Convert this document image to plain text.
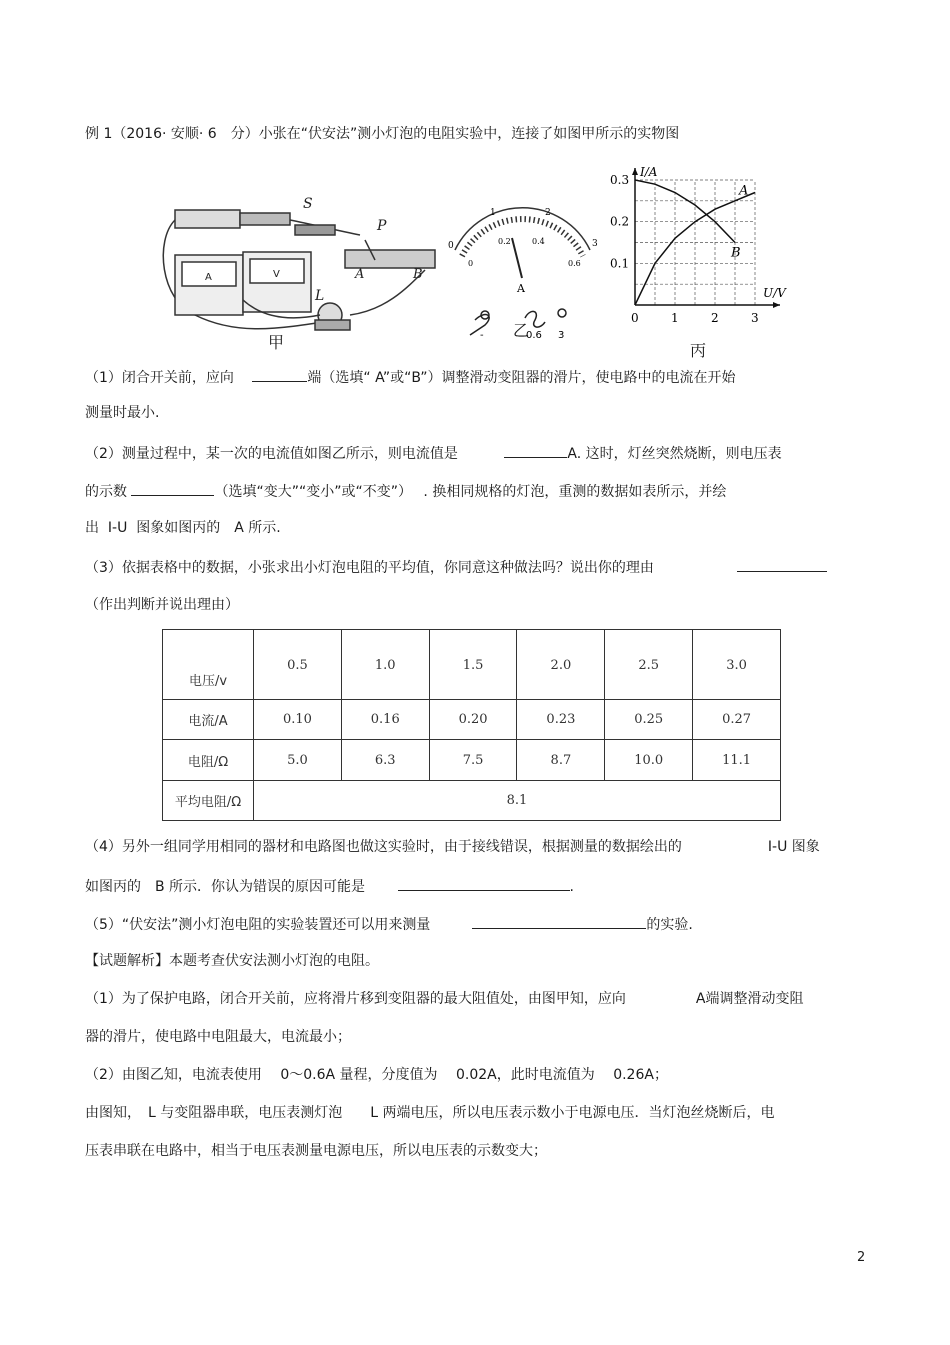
例 1（2016· 安顺· 6　分）小张在“伏安法”测小灯泡的电阻实验中，连接了如图甲所示的实物图
S
P
A	B
L
A	V
甲
0
1	2
3
0
0.2	0.4
0.6
A
-	0.6 3
乙
0	1	2	3
0.1
0.2
0.3
U/V
I/A
A
B
丙
（1）闭合开关前，应向　	端（选填“ A”或“B”）调整滑动变阻器的滑片，使电路中的电流在开始
测量时最小.
（2）测量过程中，某一次的电流值如图乙所示，则电流值是　　　	A. 这时，灯丝突然烧断，则电压表
的示数	（选填“变大”“变小”或“不变”）　 . 换相同规格的灯泡，重测的数据如表所示，并绘
出  I-U  图象如图丙的　A 所示.
（3）依据表格中的数据，小张求出小灯泡电阻的平均值，你同意这种做法吗？说出你的理由
（作出判断并说出理由）
电压/v	0.5	1.0	1.5	2.0	2.5	3.0
电流/A	0.10	0.16	0.20	0.23	0.25	0.27
电阻/Ω	5.0	6.3	7.5	8.7	10.0	11.1
平均电阻/Ω	8.1					
（4）另外一组同学用相同的器材和电路图也做这实验时，由于接线错误，根据测量的数据绘出的	I-U 图象
如图丙的　B 所示．你认为错误的原因可能是　　	.
（5）“伏安法”测小灯泡电阻的实验装置还可以用来测量　　　	的实验.
【试题解析】本题考查伏安法测小灯泡的电阻。
（1）为了保护电路，闭合开关前，应将滑片移到变阻器的最大阻值处，由图甲知，应向	A端调整滑动变阻
器的滑片，使电路中电阻最大，电流最小；
（2）由图乙知，电流表使用　 0～0.6A 量程，分度值为　 0.02A，此时电流值为　 0.26A；
由图知，　L 与变阻器串联，电压表测灯泡　　L 两端电压，所以电压表示数小于电源电压．当灯泡丝烧断后，电
压表串联在电路中，相当于电压表测量电源电压，所以电压表的示数变大；
2
